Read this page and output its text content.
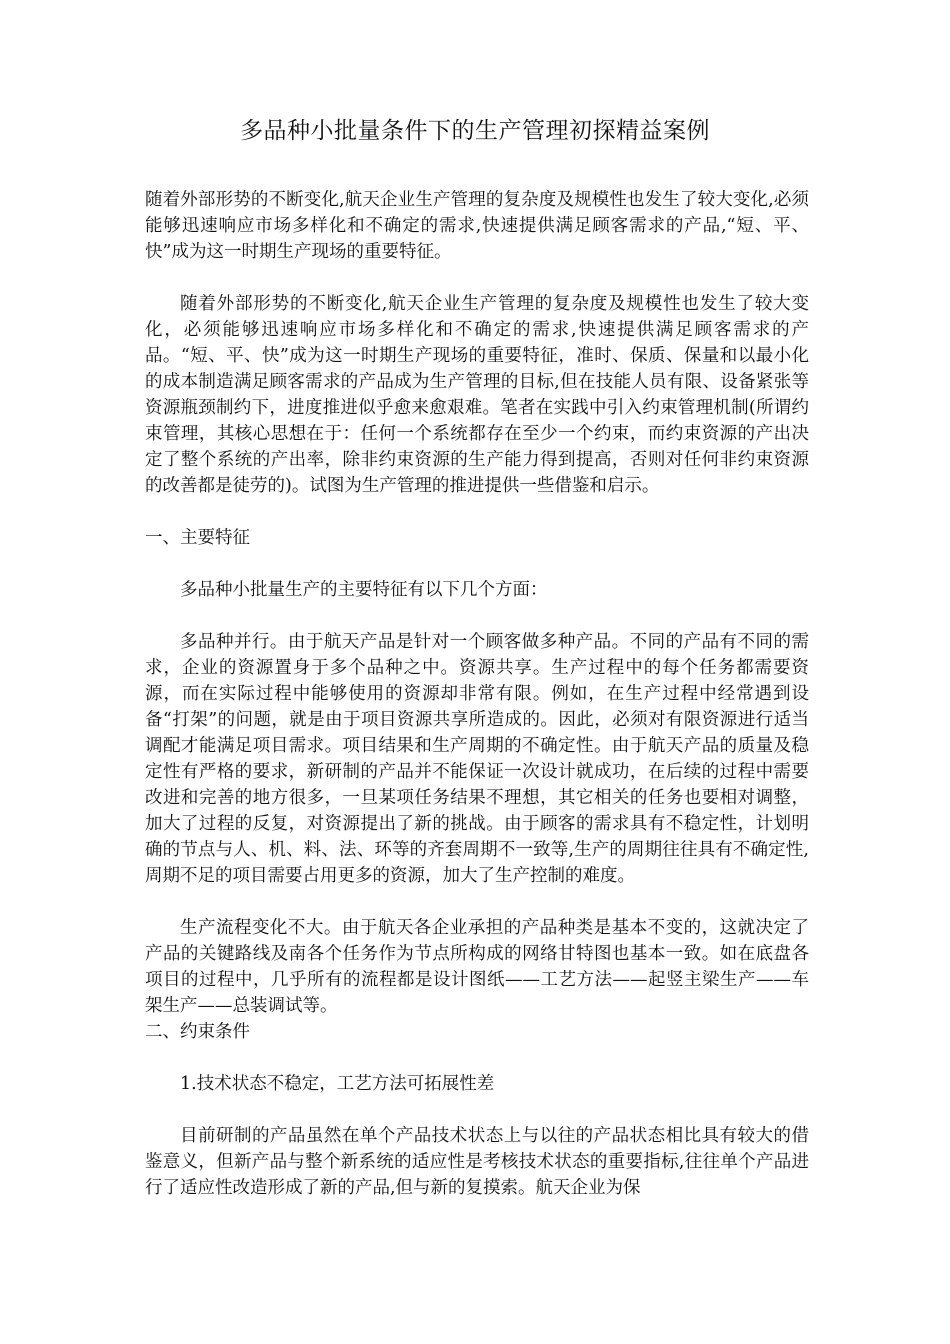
多品种小批量条件下的生产管理初探精益案例

随着外部形势的不断变化,航天企业生产管理的复杂度及规模性也发生了较大变化,必须能够迅速响应市场多样化和不确定的需求,快速提供满足顾客需求的产品,“短、平、快”成为这一时期生产现场的重要特征。

随着外部形势的不断变化,航天企业生产管理的复杂度及规模性也发生了较大变化，必须能够迅速响应市场多样化和不确定的需求,快速提供满足顾客需求的产品。“短、平、快”成为这一时期生产现场的重要特征，准时、保质、保量和以最小化的成本制造满足顾客需求的产品成为生产管理的目标,但在技能人员有限、设备紧张等资源瓶颈制约下，进度推进似乎愈来愈艰难。笔者在实践中引入约束管理机制(所谓约束管理，其核心思想在于：任何一个系统都存在至少一个约束，而约束资源的产出决定了整个系统的产出率，除非约束资源的生产能力得到提高，否则对任何非约束资源的改善都是徒劳的)。试图为生产管理的推进提供一些借鉴和启示。

一、主要特征

多品种小批量生产的主要特征有以下几个方面：

多品种并行。由于航天产品是针对一个顾客做多种产品。不同的产品有不同的需求，企业的资源置身于多个品种之中。资源共享。生产过程中的每个任务都需要资源，而在实际过程中能够使用的资源却非常有限。例如，在生产过程中经常遇到设备“打架”的问题，就是由于项目资源共享所造成的。因此，必须对有限资源进行适当调配才能满足项目需求。项目结果和生产周期的不确定性。由于航天产品的质量及稳定性有严格的要求，新研制的产品并不能保证一次设计就成功，在后续的过程中需要改进和完善的地方很多，一旦某项任务结果不理想，其它相关的任务也要相对调整，加大了过程的反复，对资源提出了新的挑战。由于顾客的需求具有不稳定性，计划明确的节点与人、机、料、法、环等的齐套周期不一致等,生产的周期往往具有不确定性,周期不足的项目需要占用更多的资源，加大了生产控制的难度。

生产流程变化不大。由于航天各企业承担的产品种类是基本不变的，这就决定了产品的关键路线及南各个任务作为节点所构成的网络甘特图也基本一致。如在底盘各项目的过程中，几乎所有的流程都是设计图纸——工艺方法——起竖主梁生产——车架生产——总装调试等。

二、约束条件

1.技术状态不稳定，工艺方法可拓展性差

目前研制的产品虽然在单个产品技术状态上与以往的产品状态相比具有较大的借鉴意义，但新产品与整个新系统的适应性是考核技术状态的重要指标,往往单个产品进行了适应性改造形成了新的产品,但与新的复摸索。航天企业为保
